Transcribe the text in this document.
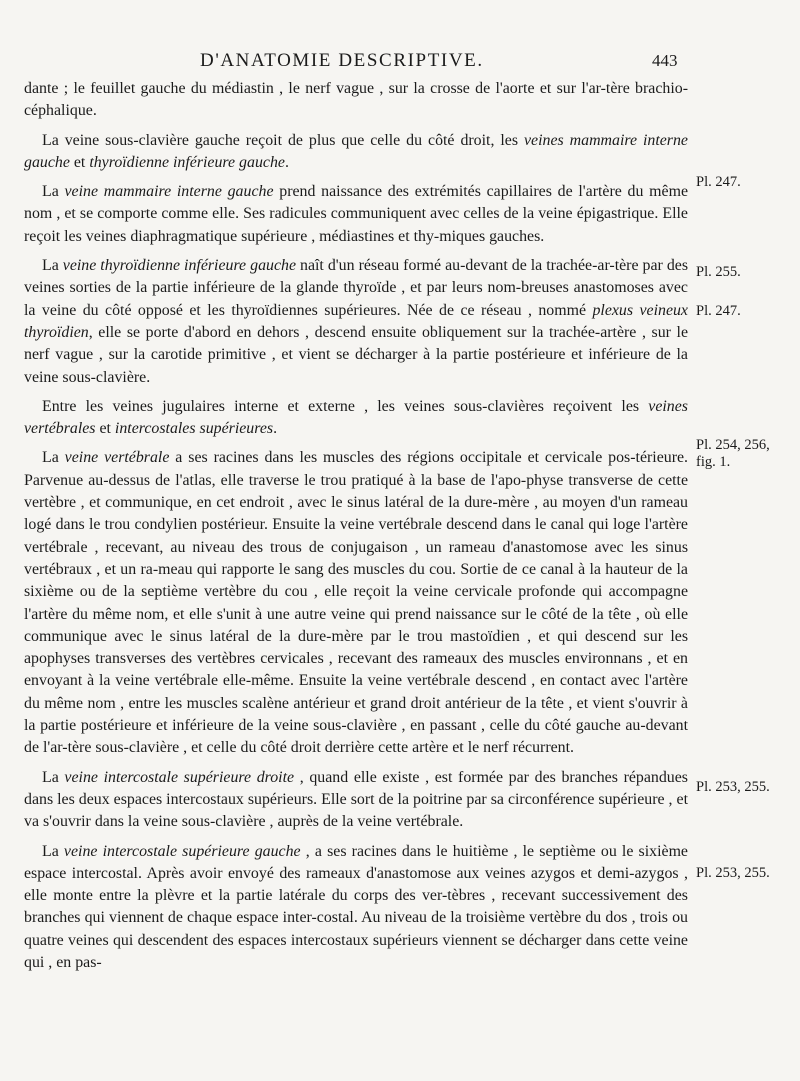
D'ANATOMIE DESCRIPTIVE.	443

dante ; le feuillet gauche du médiastin , le nerf vague , sur la crosse de l'aorte et sur l'ar-tère brachio-céphalique.

La veine sous-clavière gauche reçoit de plus que celle du côté droit, les veines mammaire interne gauche et thyroïdienne inférieure gauche.

La veine mammaire interne gauche prend naissance des extrémités capillaires de l'artère du même nom , et se comporte comme elle. Ses radicules communiquent avec celles de la veine épigastrique. Elle reçoit les veines diaphragmatique supérieure , médiastines et thy-miques gauches.

La veine thyroïdienne inférieure gauche naît d'un réseau formé au-devant de la trachée-ar-tère par des veines sorties de la partie inférieure de la glande thyroïde , et par leurs nom-breuses anastomoses avec la veine du côté opposé et les thyroïdiennes supérieures. Née de ce réseau , nommé plexus veineux thyroïdien, elle se porte d'abord en dehors , descend ensuite obliquement sur la trachée-artère , sur le nerf vague , sur la carotide primitive , et vient se décharger à la partie postérieure et inférieure de la veine sous-clavière.

Entre les veines jugulaires interne et externe , les veines sous-clavières reçoivent les veines vertébrales et intercostales supérieures.

La veine vertébrale a ses racines dans les muscles des régions occipitale et cervicale pos-térieure. Parvenue au-dessus de l'atlas, elle traverse le trou pratiqué à la base de l'apo-physe transverse de cette vertèbre , et communique, en cet endroit , avec le sinus latéral de la dure-mère , au moyen d'un rameau logé dans le trou condylien postérieur. Ensuite la veine vertébrale descend dans le canal qui loge l'artère vertébrale , recevant, au niveau des trous de conjugaison , un rameau d'anastomose avec les sinus vertébraux , et un ra-meau qui rapporte le sang des muscles du cou. Sortie de ce canal à la hauteur de la sixième ou de la septième vertèbre du cou , elle reçoit la veine cervicale profonde qui accompagne l'artère du même nom, et elle s'unit à une autre veine qui prend naissance sur le côté de la tête , où elle communique avec le sinus latéral de la dure-mère par le trou mastoïdien , et qui descend sur les apophyses transverses des vertèbres cervicales , recevant des rameaux des muscles environnans , et en envoyant à la veine vertébrale elle-même. Ensuite la veine vertébrale descend , en contact avec l'artère du même nom , entre les muscles scalène antérieur et grand droit antérieur de la tête , et vient s'ouvrir à la partie postérieure et inférieure de la veine sous-clavière , en passant , celle du côté gauche au-devant de l'ar-tère sous-clavière , et celle du côté droit derrière cette artère et le nerf récurrent.

La veine intercostale supérieure droite , quand elle existe , est formée par des branches répandues dans les deux espaces intercostaux supérieurs. Elle sort de la poitrine par sa circonférence supérieure , et va s'ouvrir dans la veine sous-clavière , auprès de la veine vertébrale.

La veine intercostale supérieure gauche , a ses racines dans le huitième , le septième ou le sixième espace intercostal. Après avoir envoyé des rameaux d'anastomose aux veines azygos et demi-azygos , elle monte entre la plèvre et la partie latérale du corps des ver-tèbres , recevant successivement des branches qui viennent de chaque espace inter-costal. Au niveau de la troisième vertèbre du dos , trois ou quatre veines qui descendent des espaces intercostaux supérieurs viennent se décharger dans cette veine qui , en pas-

Pl. 247.
Pl. 255.
Pl. 247.
Pl. 254, 256,
fig. 1.
Pl. 253, 255.
Pl. 253, 255.
